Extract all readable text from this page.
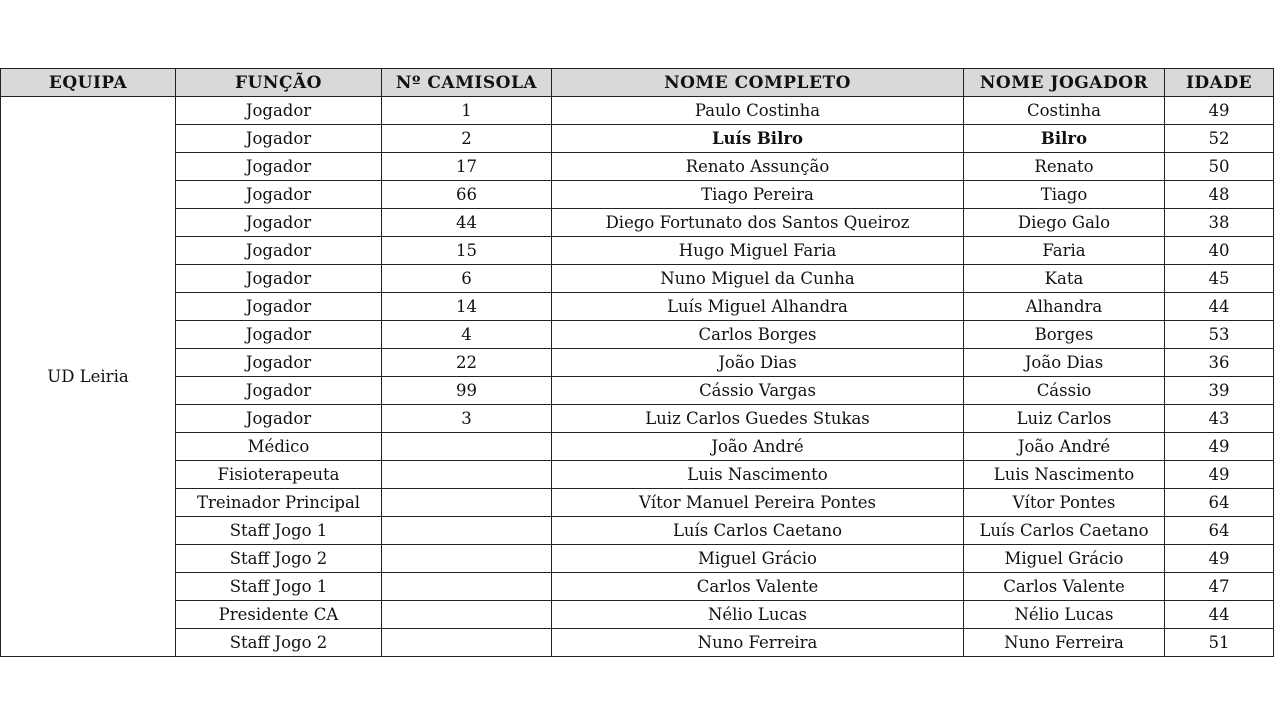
EQUIPA	FUNÇÃO	Nº CAMISOLA	NOME COMPLETO	NOME JOGADOR	IDADE
UD Leiria	Jogador	1	Paulo Costinha	Costinha	49
	Jogador	2	Luís Bilro	Bilro	52
	Jogador	17	Renato Assunção	Renato	50
	Jogador	66	Tiago Pereira	Tiago	48
	Jogador	44	Diego Fortunato dos Santos Queiroz	Diego Galo	38
	Jogador	15	Hugo Miguel Faria	Faria	40
	Jogador	6	Nuno Miguel da Cunha	Kata	45
	Jogador	14	Luís Miguel Alhandra	Alhandra	44
	Jogador	4	Carlos Borges	Borges	53
	Jogador	22	João Dias	João Dias	36
	Jogador	99	Cássio Vargas	Cássio	39
	Jogador	3	Luiz Carlos Guedes Stukas	Luiz Carlos	43
	Médico		João André	João André	49
	Fisioterapeuta		Luis Nascimento	Luis Nascimento	49
	Treinador Principal		Vítor Manuel Pereira Pontes	Vítor Pontes	64
	Staff Jogo 1		Luís Carlos Caetano	Luís Carlos Caetano	64
	Staff Jogo 2		Miguel Grácio	Miguel Grácio	49
	Staff Jogo 1		Carlos Valente	Carlos Valente	47
	Presidente CA		Nélio Lucas	Nélio Lucas	44
	Staff Jogo 2		Nuno Ferreira	Nuno Ferreira	51
